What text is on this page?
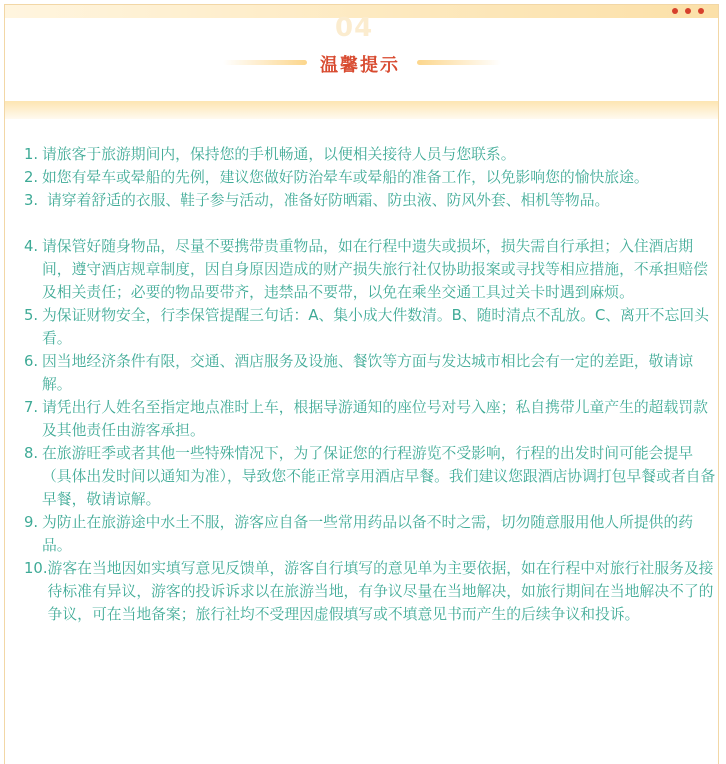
04
温馨提示
1. 请旅客于旅游期间内，保持您的手机畅通，以便相关接待人员与您联系。
2. 如您有晕车或晕船的先例，建议您做好防治晕车或晕船的准备工作，以免影响您的愉快旅途。
3. 请穿着舒适的衣服、鞋子参与活动，准备好防晒霜、防虫液、防风外套、相机等物品。
4. 请保管好随身物品，尽量不要携带贵重物品，如在行程中遗失或损坏，损失需自行承担；入住酒店期间，遵守酒店规章制度，因自身原因造成的财产损失旅行社仅协助报案或寻找等相应措施，不承担赔偿及相关责任；必要的物品要带齐，违禁品不要带，以免在乘坐交通工具过关卡时遇到麻烦。
5. 为保证财物安全，行李保管提醒三句话：A、集小成大件数清。B、随时清点不乱放。C、离开不忘回头看。
6. 因当地经济条件有限，交通、酒店服务及设施、餐饮等方面与发达城市相比会有一定的差距，敬请谅解。
7. 请凭出行人姓名至指定地点准时上车，根据导游通知的座位号对号入座；私自携带儿童产生的超载罚款及其他责任由游客承担。
8. 在旅游旺季或者其他一些特殊情况下，为了保证您的行程游览不受影响，行程的出发时间可能会提早（具体出发时间以通知为准），导致您不能正常享用酒店早餐。我们建议您跟酒店协调打包早餐或者自备早餐，敬请谅解。
9. 为防止在旅游途中水土不服，游客应自备一些常用药品以备不时之需，切勿随意服用他人所提供的药品。
10. 游客在当地因如实填写意见反馈单，游客自行填写的意见单为主要依据，如在行程中对旅行社服务及接待标准有异议，游客的投诉诉求以在旅游当地，有争议尽量在当地解决，如旅行期间在当地解决不了的争议，可在当地备案；旅行社均不受理因虚假填写或不填意见书而产生的后续争议和投诉。
